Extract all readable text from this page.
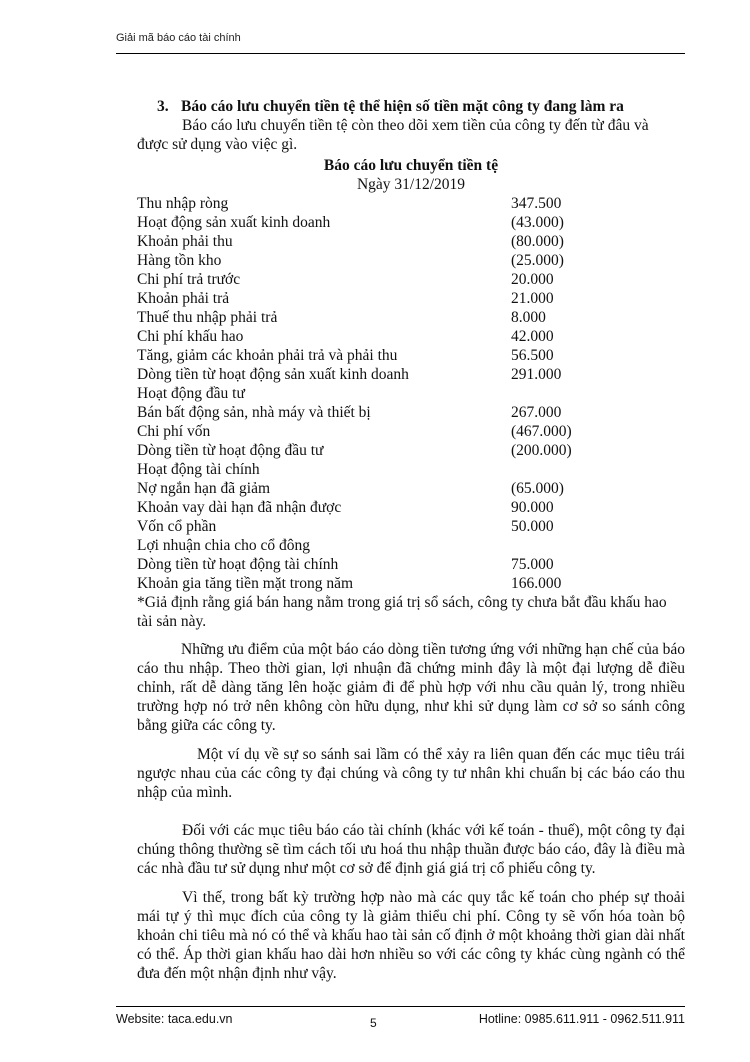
Giải mã báo cáo tài chính
3. Báo cáo lưu chuyển tiền tệ thể hiện số tiền mặt công ty đang làm ra
Báo cáo lưu chuyển tiền tệ còn theo dõi xem tiền của công ty đến từ đâu và
được sử dụng vào việc gì.
Báo cáo lưu chuyển tiền tệ
Ngày 31/12/2019
Thu nhập ròng	347.500
Hoạt động sản xuất kinh doanh	(43.000)
Khoản phải thu	(80.000)
Hàng tồn kho	(25.000)
Chi phí trả trước	20.000
Khoản phải trả	21.000
Thuế thu nhập phải trả	8.000
Chi phí khấu hao	42.000
Tăng, giảm các khoản phải trả và phải thu	56.500
Dòng tiền từ hoạt động sản xuất kinh doanh	291.000
Hoạt động đầu tư
Bán bất động sản, nhà máy và thiết bị	267.000
Chi phí vốn	(467.000)
Dòng tiền từ hoạt động đầu tư	(200.000)
Hoạt động tài chính
Nợ ngắn hạn đã giảm	(65.000)
Khoản vay dài hạn đã nhận được	90.000
Vốn cổ phần	50.000
Lợi nhuận chia cho cổ đông
Dòng tiền từ hoạt động tài chính	75.000
Khoản gia tăng tiền mặt trong năm	166.000

*Giả định rằng giá bán hang nằm trong giá trị sổ sách, công ty chưa bắt đầu khấu hao tài sản này.

Những ưu điểm của một báo cáo dòng tiền tương ứng với những hạn chế của báo cáo thu nhập. Theo thời gian, lợi nhuận đã chứng minh đây là một đại lượng dễ điều chỉnh, rất dễ dàng tăng lên hoặc giảm đi để phù hợp với nhu cầu quản lý, trong nhiều trường hợp nó trở nên không còn hữu dụng, như khi sử dụng làm cơ sở so sánh công bằng giữa các công ty.

Một ví dụ về sự so sánh sai lầm có thể xảy ra liên quan đến các mục tiêu trái ngược nhau của các công ty đại chúng và công ty tư nhân khi chuẩn bị các báo cáo thu nhập của mình.

Đối với các mục tiêu báo cáo tài chính (khác với kế toán - thuế), một công ty đại chúng thông thường sẽ tìm cách tối ưu hoá thu nhập thuần được báo cáo, đây là điều mà các nhà đầu tư sử dụng như một cơ sở để định giá giá trị cổ phiếu công ty.

Vì thế, trong bất kỳ trường hợp nào mà các quy tắc kế toán cho phép sự thoải mái tự ý thì mục đích của công ty là giảm thiểu chi phí. Công ty sẽ vốn hóa toàn bộ khoản chi tiêu mà nó có thể và khấu hao tài sản cố định ở một khoảng thời gian dài nhất có thể. Áp thời gian khấu hao dài hơn nhiều so với các công ty khác cùng ngành có thể đưa đến một nhận định như vậy.

Website: taca.edu.vn	5	Hotline: 0985.611.911 - 0962.511.911
